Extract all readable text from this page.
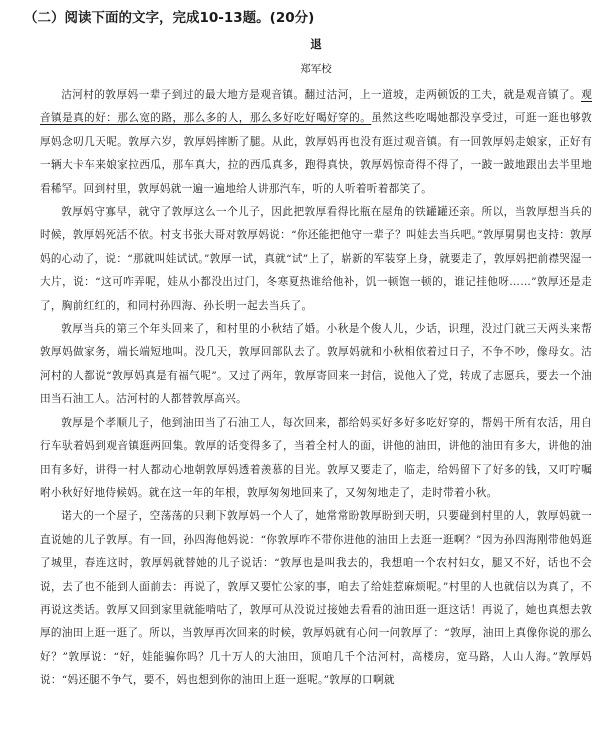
（二）阅读下面的文字，完成10-13题。(20分)
退
郑军校

沽河村的敦厚妈一辈子到过的最大地方是观音镇。翻过沽河，上一道坡，走两顿饭的工夫，就是观音镇了。观音镇是真的好：那么宽的路，那么多的人，那么多好吃好喝好穿的。虽然这些吃喝她都没享受过，可逛一逛也够敦厚妈念叨几天呢。敦厚六岁，敦厚妈摔断了腿。从此，敦厚妈再也没有逛过观音镇。有一回敦厚妈走娘家，正好有一辆大卡车来娘家拉西瓜，那车真大，拉的西瓜真多，跑得真快，敦厚妈惊奇得不得了，一跛一跛地跟出去半里地看稀罕。回到村里，敦厚妈就一遍一遍地给人讲那汽车，听的人听着听着都笑了。

敦厚妈守寡早，就守了敦厚这么一个儿子，因此把敦厚看得比瓶在屋角的铁罐罐还亲。所以，当敦厚想当兵的时候，敦厚妈死活不依。村支书张大哥对敦厚妈说：“你还能把他守一辈子？叫娃去当兵吧。”敦厚舅舅也支持：敦厚妈的心动了，说：“那就叫娃试试。”敦厚一试，真就“试”上了，崭新的军装穿上身，就要走了，敦厚妈把前襟哭湿一大片，说：“这可咋弄呢，娃从小都没出过门，冬寒夏热谁给他补，饥一顿饱一顿的，谁记挂他呀……”敦厚还是走了，胸前红红的，和同村孙四海、孙长明一起去当兵了。

敦厚当兵的第三个年头回来了，和村里的小秋结了婚。小秋是个俊人儿，少话，识理，没过门就三天两头来帮敦厚妈做家务，端长端短地叫。没几天，敦厚回部队去了。敦厚妈就和小秋相依着过日子，不争不吵，像母女。沽河村的人都说“敦厚妈真是有福气呢”。又过了两年，敦厚寄回来一封信，说他入了党，转成了志愿兵，要去一个油田当石油工人。沽河村的人都替敦厚高兴。

敦厚是个孝顺儿子，他到油田当了石油工人，每次回来，都给妈买好多好多吃好穿的，帮妈干所有农活，用自行车驮着妈到观音镇逛两回集。敦厚的话变得多了，当着全村人的面，讲他的油田，讲他的油田有多大，讲他的油田有多好，讲得一村人都动心地朝敦厚妈透着羡慕的目光。敦厚又要走了，临走，给妈留下了好多的钱，又叮咛嘱咐小秋好好地侍候妈。就在这一年的年根，敦厚匆匆地回来了，又匆匆地走了，走时带着小秋。

诺大的一个屋子，空荡荡的只剩下敦厚妈一个人了，她常常盼敦厚盼到天明，只要碰到村里的人，敦厚妈就一直说她的儿子敦厚。有一回，孙四海他妈说：“你敦厚咋不带你进他的油田上去逛一逛啊？”因为孙四海刚带他妈逛了城里，春连这时，敦厚妈就替她的儿子说话：“敦厚也是叫我去的，我想咱一个农村妇女，腿又不好，话也不会说，去了也不能到人面前去：再说了，敦厚又要忙公家的事，咱去了给娃惹麻烦呢。”村里的人也就信以为真了，不再说这类话。敦厚又回到家里就能啃咕了，敦厚可从没说过接她去看看的油田逛一逛这话！再说了，她也真想去敦厚的油田上逛一逛了。所以，当敦厚再次回来的时候，敦厚妈就有心问一问敦厚了：“敦厚，油田上真像你说的那么好？”敦厚说：“好，娃能骗你吗？几十万人的大油田，顶咱几千个沽河村，高楼房，宽马路，人山人海。”敦厚妈说：“妈还腿不争气，要不，妈也想到你的油田上逛一逛呢。”敦厚的口啊就
